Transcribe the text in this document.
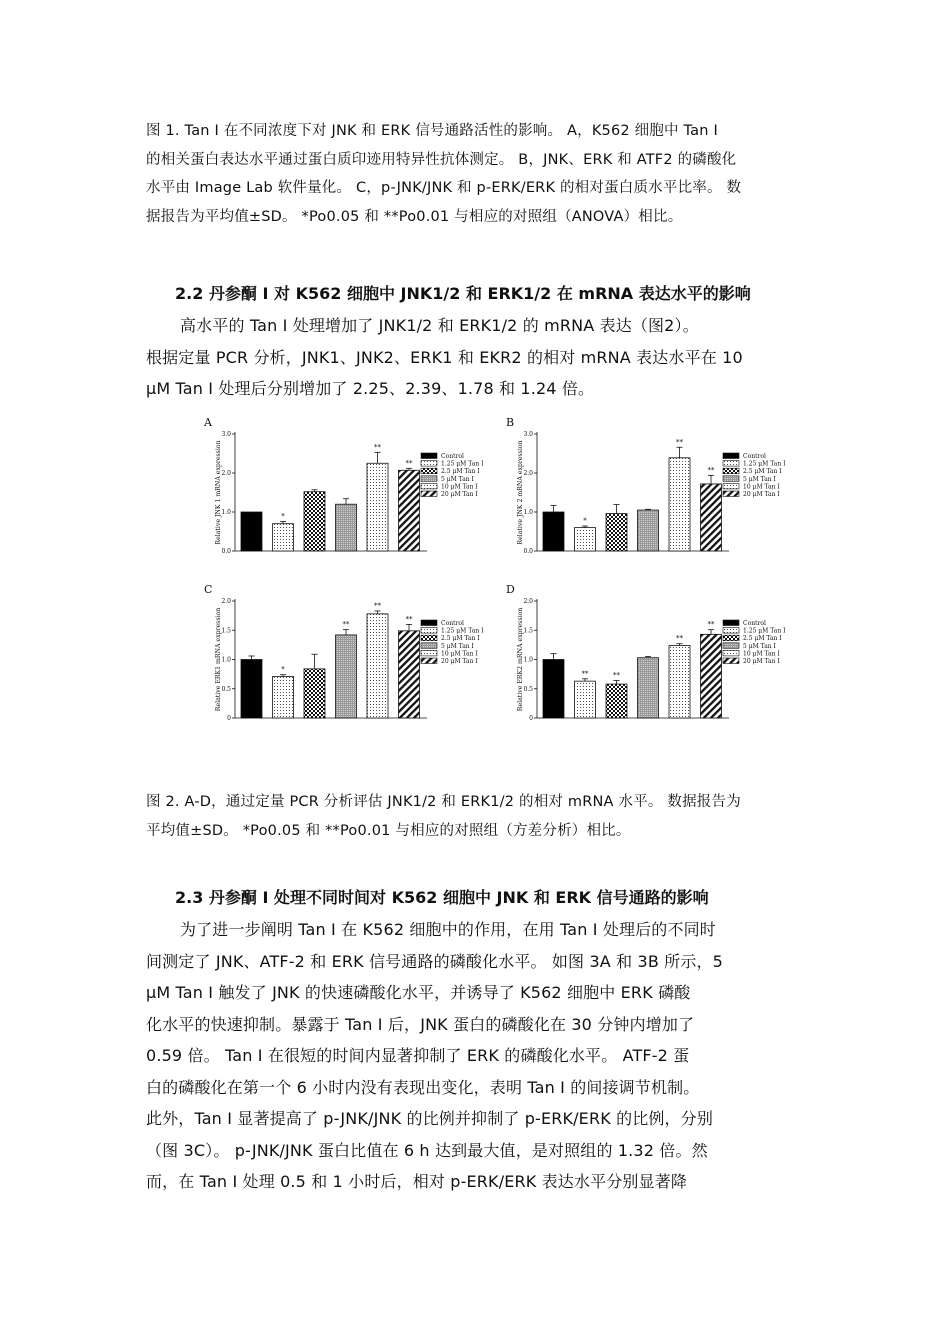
图 1. Tan I 在不同浓度下对 JNK 和 ERK 信号通路活性的影响。 A，K562 细胞中 Tan I
的相关蛋白表达水平通过蛋白质印迹用特异性抗体测定。 B，JNK、ERK 和 ATF2 的磷酸化
水平由 Image Lab 软件量化。 C，p-JNK/JNK 和 p-ERK/ERK 的相对蛋白质水平比率。 数
据报告为平均值±SD。 *Po0.05 和 **Po0.01 与相应的对照组（ANOVA）相比。
2.2 丹参酮 I 对 K562 细胞中 JNK1/2 和 ERK1/2 在 mRNA 表达水平的影响
高水平的 Tan I 处理增加了 JNK1/2 和 ERK1/2 的 mRNA 表达（图2）。
根据定量 PCR 分析，JNK1、JNK2、ERK1 和 EKR2 的相对 mRNA 表达水平在 10
μM Tan I 处理后分别增加了 2.25、2.39、1.78 和 1.24 倍。
A
Relative JNK 1 mRNA expression
0.0
1.0
2.0
3.0
*
**
**
Control
1.25 μM Tan I
2.5 μM Tan I
5 μM Tan I
10 μM Tan I
20 μM Tan I
B
Relative JNK 2 mRNA expression
0.0
1.0
2.0
3.0
*
**
**
Control
1.25 μM Tan I
2.5 μM Tan I
5 μM Tan I
10 μM Tan I
20 μM Tan I
C
Relative ERK1 mRNA expression
0
0.5
1.0
1.5
2.0
*
**
**
**
Control
1.25 μM Tan I
2.5 μM Tan I
5 μM Tan I
10 μM Tan I
20 μM Tan I
D
Relative ERK2 mRNA expression
0
0.5
1.0
1.5
2.0
**	**
**
**	Control
1.25 μM Tan I
2.5 μM Tan I
5 μM Tan I
10 μM Tan I
20 μM Tan I
图 2. A-D，通过定量 PCR 分析评估 JNK1/2 和 ERK1/2 的相对 mRNA 水平。 数据报告为
平均值±SD。 *Po0.05 和 **Po0.01 与相应的对照组（方差分析）相比。
2.3 丹参酮 I 处理不同时间对 K562 细胞中 JNK 和 ERK 信号通路的影响
为了进一步阐明 Tan I 在 K562 细胞中的作用，在用 Tan I 处理后的不同时
间测定了 JNK、ATF-2 和 ERK 信号通路的磷酸化水平。 如图 3A 和 3B 所示，5
μM Tan I 触发了 JNK 的快速磷酸化水平，并诱导了 K562 细胞中 ERK 磷酸
化水平的快速抑制。暴露于 Tan I 后，JNK 蛋白的磷酸化在 30 分钟内增加了
0.59 倍。 Tan I 在很短的时间内显著抑制了 ERK 的磷酸化水平。 ATF-2 蛋
白的磷酸化在第一个 6 小时内没有表现出变化，表明 Tan I 的间接调节机制。
此外，Tan I 显著提高了 p-JNK/JNK 的比例并抑制了 p-ERK/ERK 的比例，分别
（图 3C）。 p-JNK/JNK 蛋白比值在 6 h 达到最大值，是对照组的 1.32 倍。然
而，在 Tan I 处理 0.5 和 1 小时后，相对 p-ERK/ERK 表达水平分别显著降
